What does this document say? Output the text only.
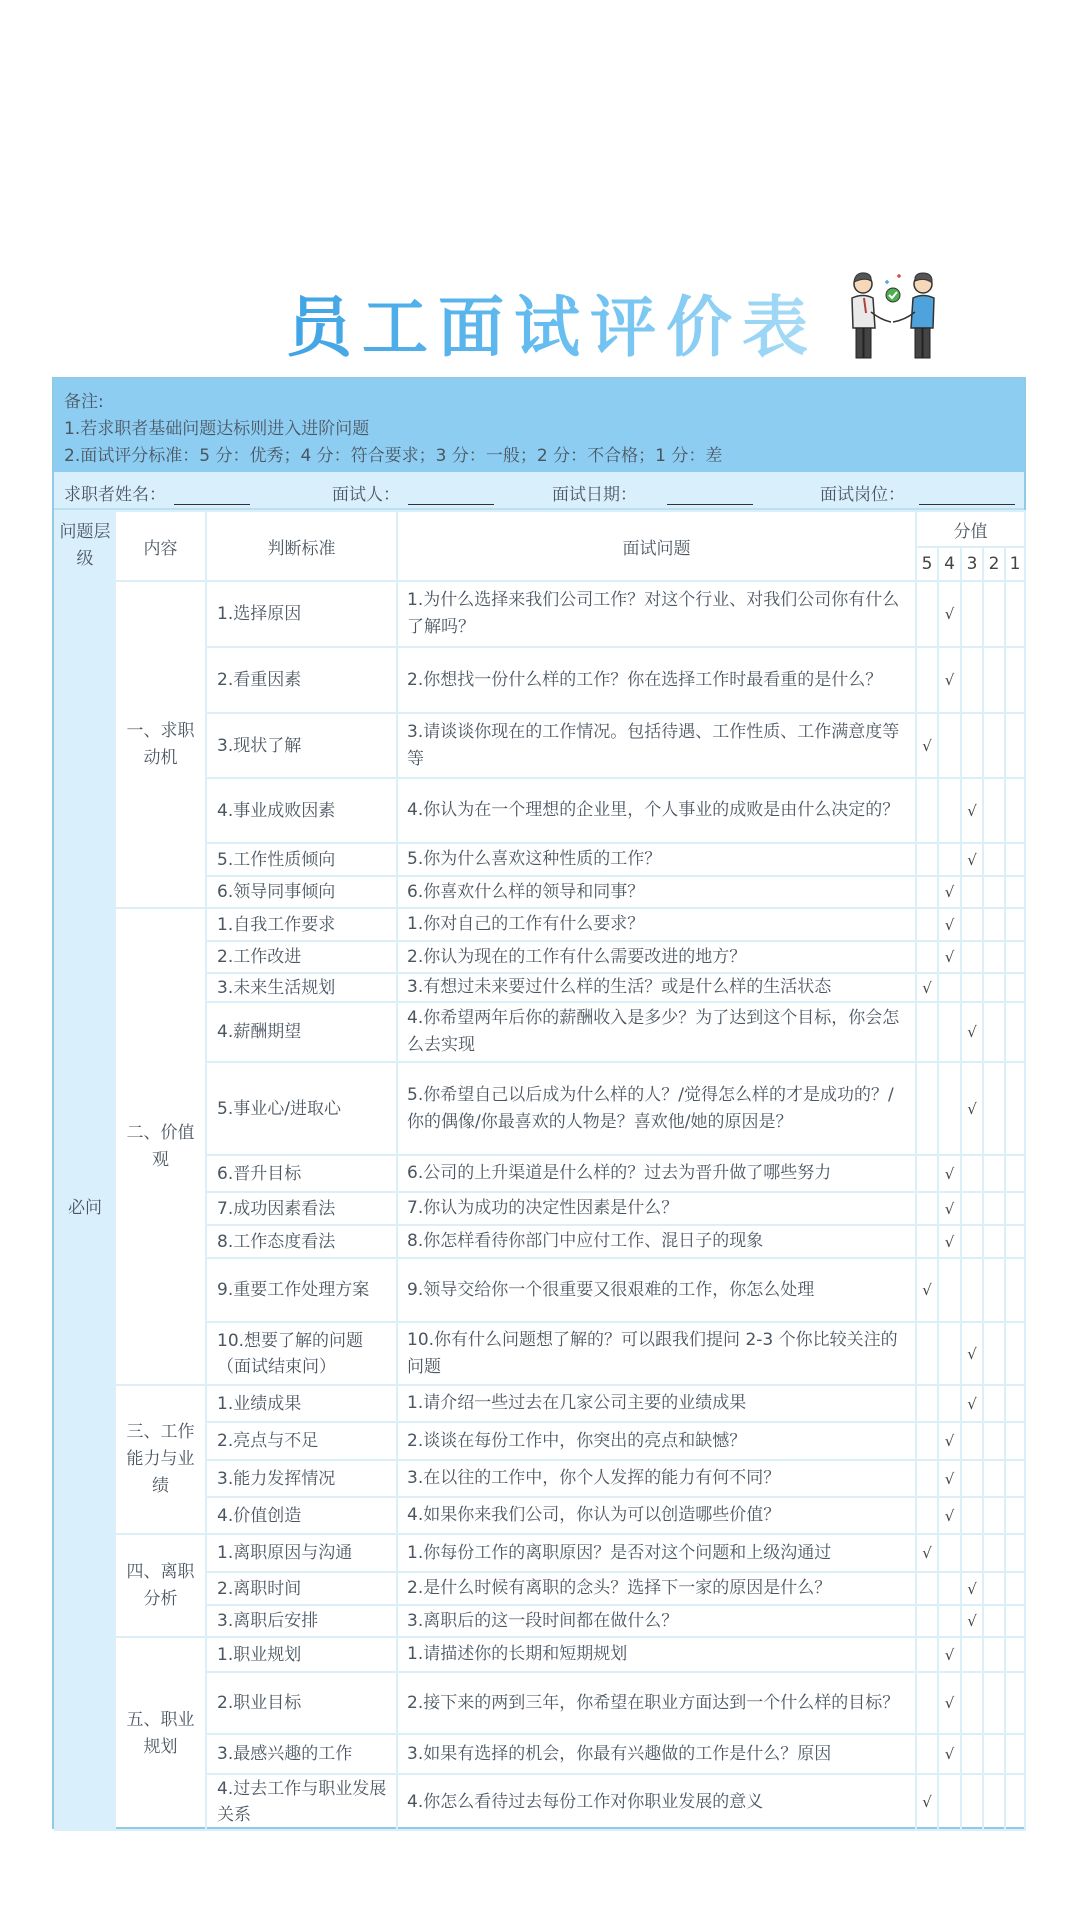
员工面试评价表
备注:
1.若求职者基础问题达标则进入进阶问题
2.面试评分标准：5 分：优秀；4 分：符合要求；3 分：一般；2 分：不合格；1 分：差
求职者姓名：	面试人：	面试日期：	面试岗位：
问题层级	内容	判断标准	面试问题	分值				
				5	4	3	2	1
必问	一、求职动机	1.选择原因	1.为什么选择来我们公司工作？对这个行业、对我们公司你有什么了解吗？		√			
		2.看重因素	2.你想找一份什么样的工作？你在选择工作时最看重的是什么？		√			
		3.现状了解	3.请谈谈你现在的工作情况。包括待遇、工作性质、工作满意度等等	√				
		4.事业成败因素	4.你认为在一个理想的企业里，个人事业的成败是由什么决定的？			√		
		5.工作性质倾向	5.你为什么喜欢这种性质的工作？			√		
		6.领导同事倾向	6.你喜欢什么样的领导和同事？		√			
	二、价值观	1.自我工作要求	1.你对自己的工作有什么要求？		√			
		2.工作改进	2.你认为现在的工作有什么需要改进的地方？		√			
		3.未来生活规划	3.有想过未来要过什么样的生活？或是什么样的生活状态	√				
		4.薪酬期望	4.你希望两年后你的薪酬收入是多少？为了达到这个目标，你会怎么去实现			√		
		5.事业心/进取心	5.你希望自己以后成为什么样的人？/觉得怎么样的才是成功的？/你的偶像/你最喜欢的人物是？喜欢他/她的原因是？			√		
		6.晋升目标	6.公司的上升渠道是什么样的？过去为晋升做了哪些努力		√			
		7.成功因素看法	7.你认为成功的决定性因素是什么？		√			
		8.工作态度看法	8.你怎样看待你部门中应付工作、混日子的现象		√			
		9.重要工作处理方案	9.领导交给你一个很重要又很艰难的工作，你怎么处理	√				
		10.想要了解的问题（面试结束问）	10.你有什么问题想了解的？可以跟我们提问 2-3 个你比较关注的问题			√		
	三、工作能力与业绩	1.业绩成果	1.请介绍一些过去在几家公司主要的业绩成果			√		
		2.亮点与不足	2.谈谈在每份工作中，你突出的亮点和缺憾？		√			
		3.能力发挥情况	3.在以往的工作中，你个人发挥的能力有何不同？		√			
		4.价值创造	4.如果你来我们公司，你认为可以创造哪些价值？		√			
	四、离职分析	1.离职原因与沟通	1.你每份工作的离职原因？是否对这个问题和上级沟通过	√				
		2.离职时间	2.是什么时候有离职的念头？选择下一家的原因是什么？			√		
		3.离职后安排	3.离职后的这一段时间都在做什么？			√		
	五、职业规划	1.职业规划	1.请描述你的长期和短期规划		√			
		2.职业目标	2.接下来的两到三年，你希望在职业方面达到一个什么样的目标？		√			
		3.最感兴趣的工作	3.如果有选择的机会，你最有兴趣做的工作是什么？原因		√			
		4.过去工作与职业发展关系	4.你怎么看待过去每份工作对你职业发展的意义	√				
